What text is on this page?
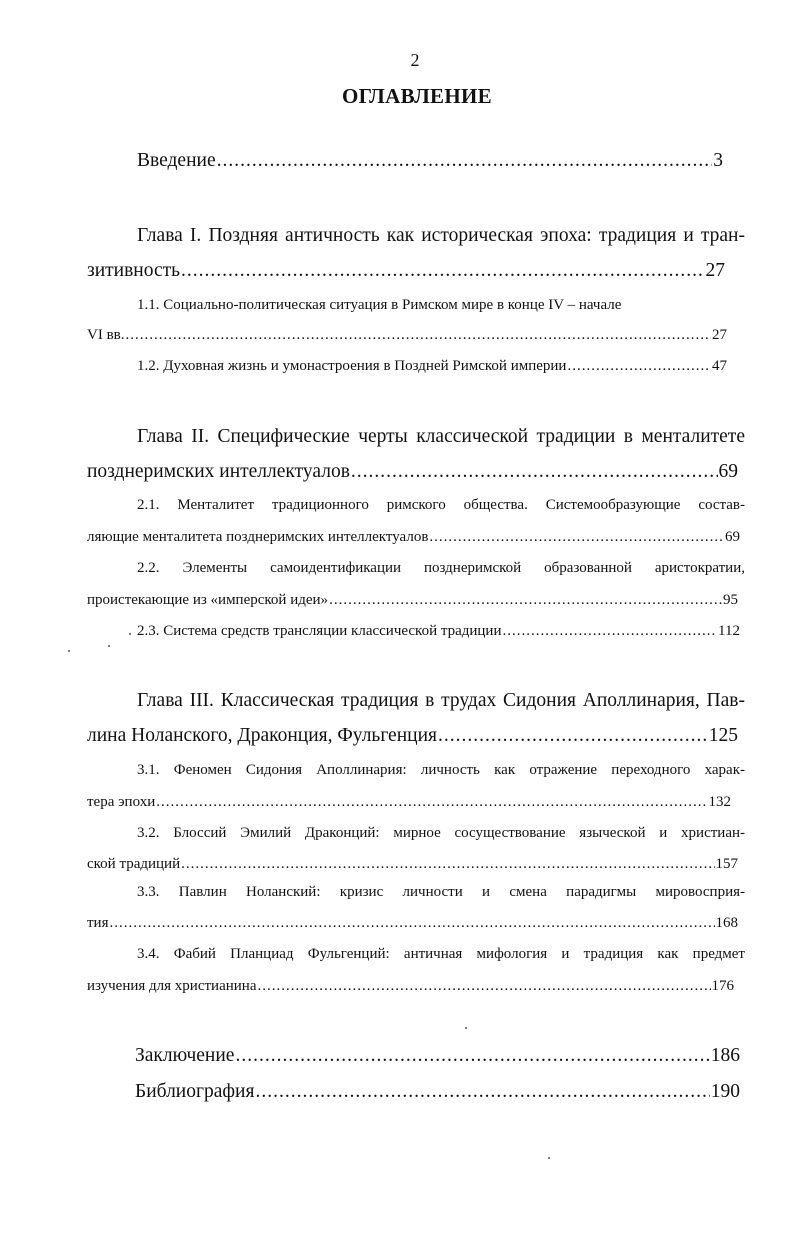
2
ОГЛАВЛЕНИЕ
Введение .....	3
Глава I. Поздняя античность как историческая эпоха: традиция и тран-
зитивность .....	27
1.1. Социально-политическая ситуация в Римском мире в конце IV – начале
VI вв. .....	27
1.2. Духовная жизнь и умонастроения в Поздней Римской империи .....	47
Глава II. Специфические черты классической традиции в менталитете
позднеримских интеллектуалов .....	69
2.1. Менталитет традиционного римского общества. Системообразующие состав-
ляющие менталитета позднеримских интеллектуалов .....	69
2.2. Элементы самоидентификации позднеримской образованной аристократии,
проистекающие из «имперской идеи» .....	95
2.3. Система средств трансляции классической традиции .....	112
Глава III. Классическая традиция в трудах Сидония Аполлинария, Пав-
лина Ноланского, Драконция, Фульгенция .....	125
3.1. Феномен Сидония Аполлинария: личность как отражение переходного харак-
тера эпохи .....	132
3.2. Блоссий Эмилий Драконций: мирное сосуществование языческой и христиан-
ской традиций .....	157
3.3. Павлин Ноланский: кризис личности и смена парадигмы мировосприя-
тия .....	168
3.4. Фабий Планциад Фульгенций: античная мифология и традиция как предмет
изучения для христианина .....	176
Заключение .....	186
Библиография .....	190
